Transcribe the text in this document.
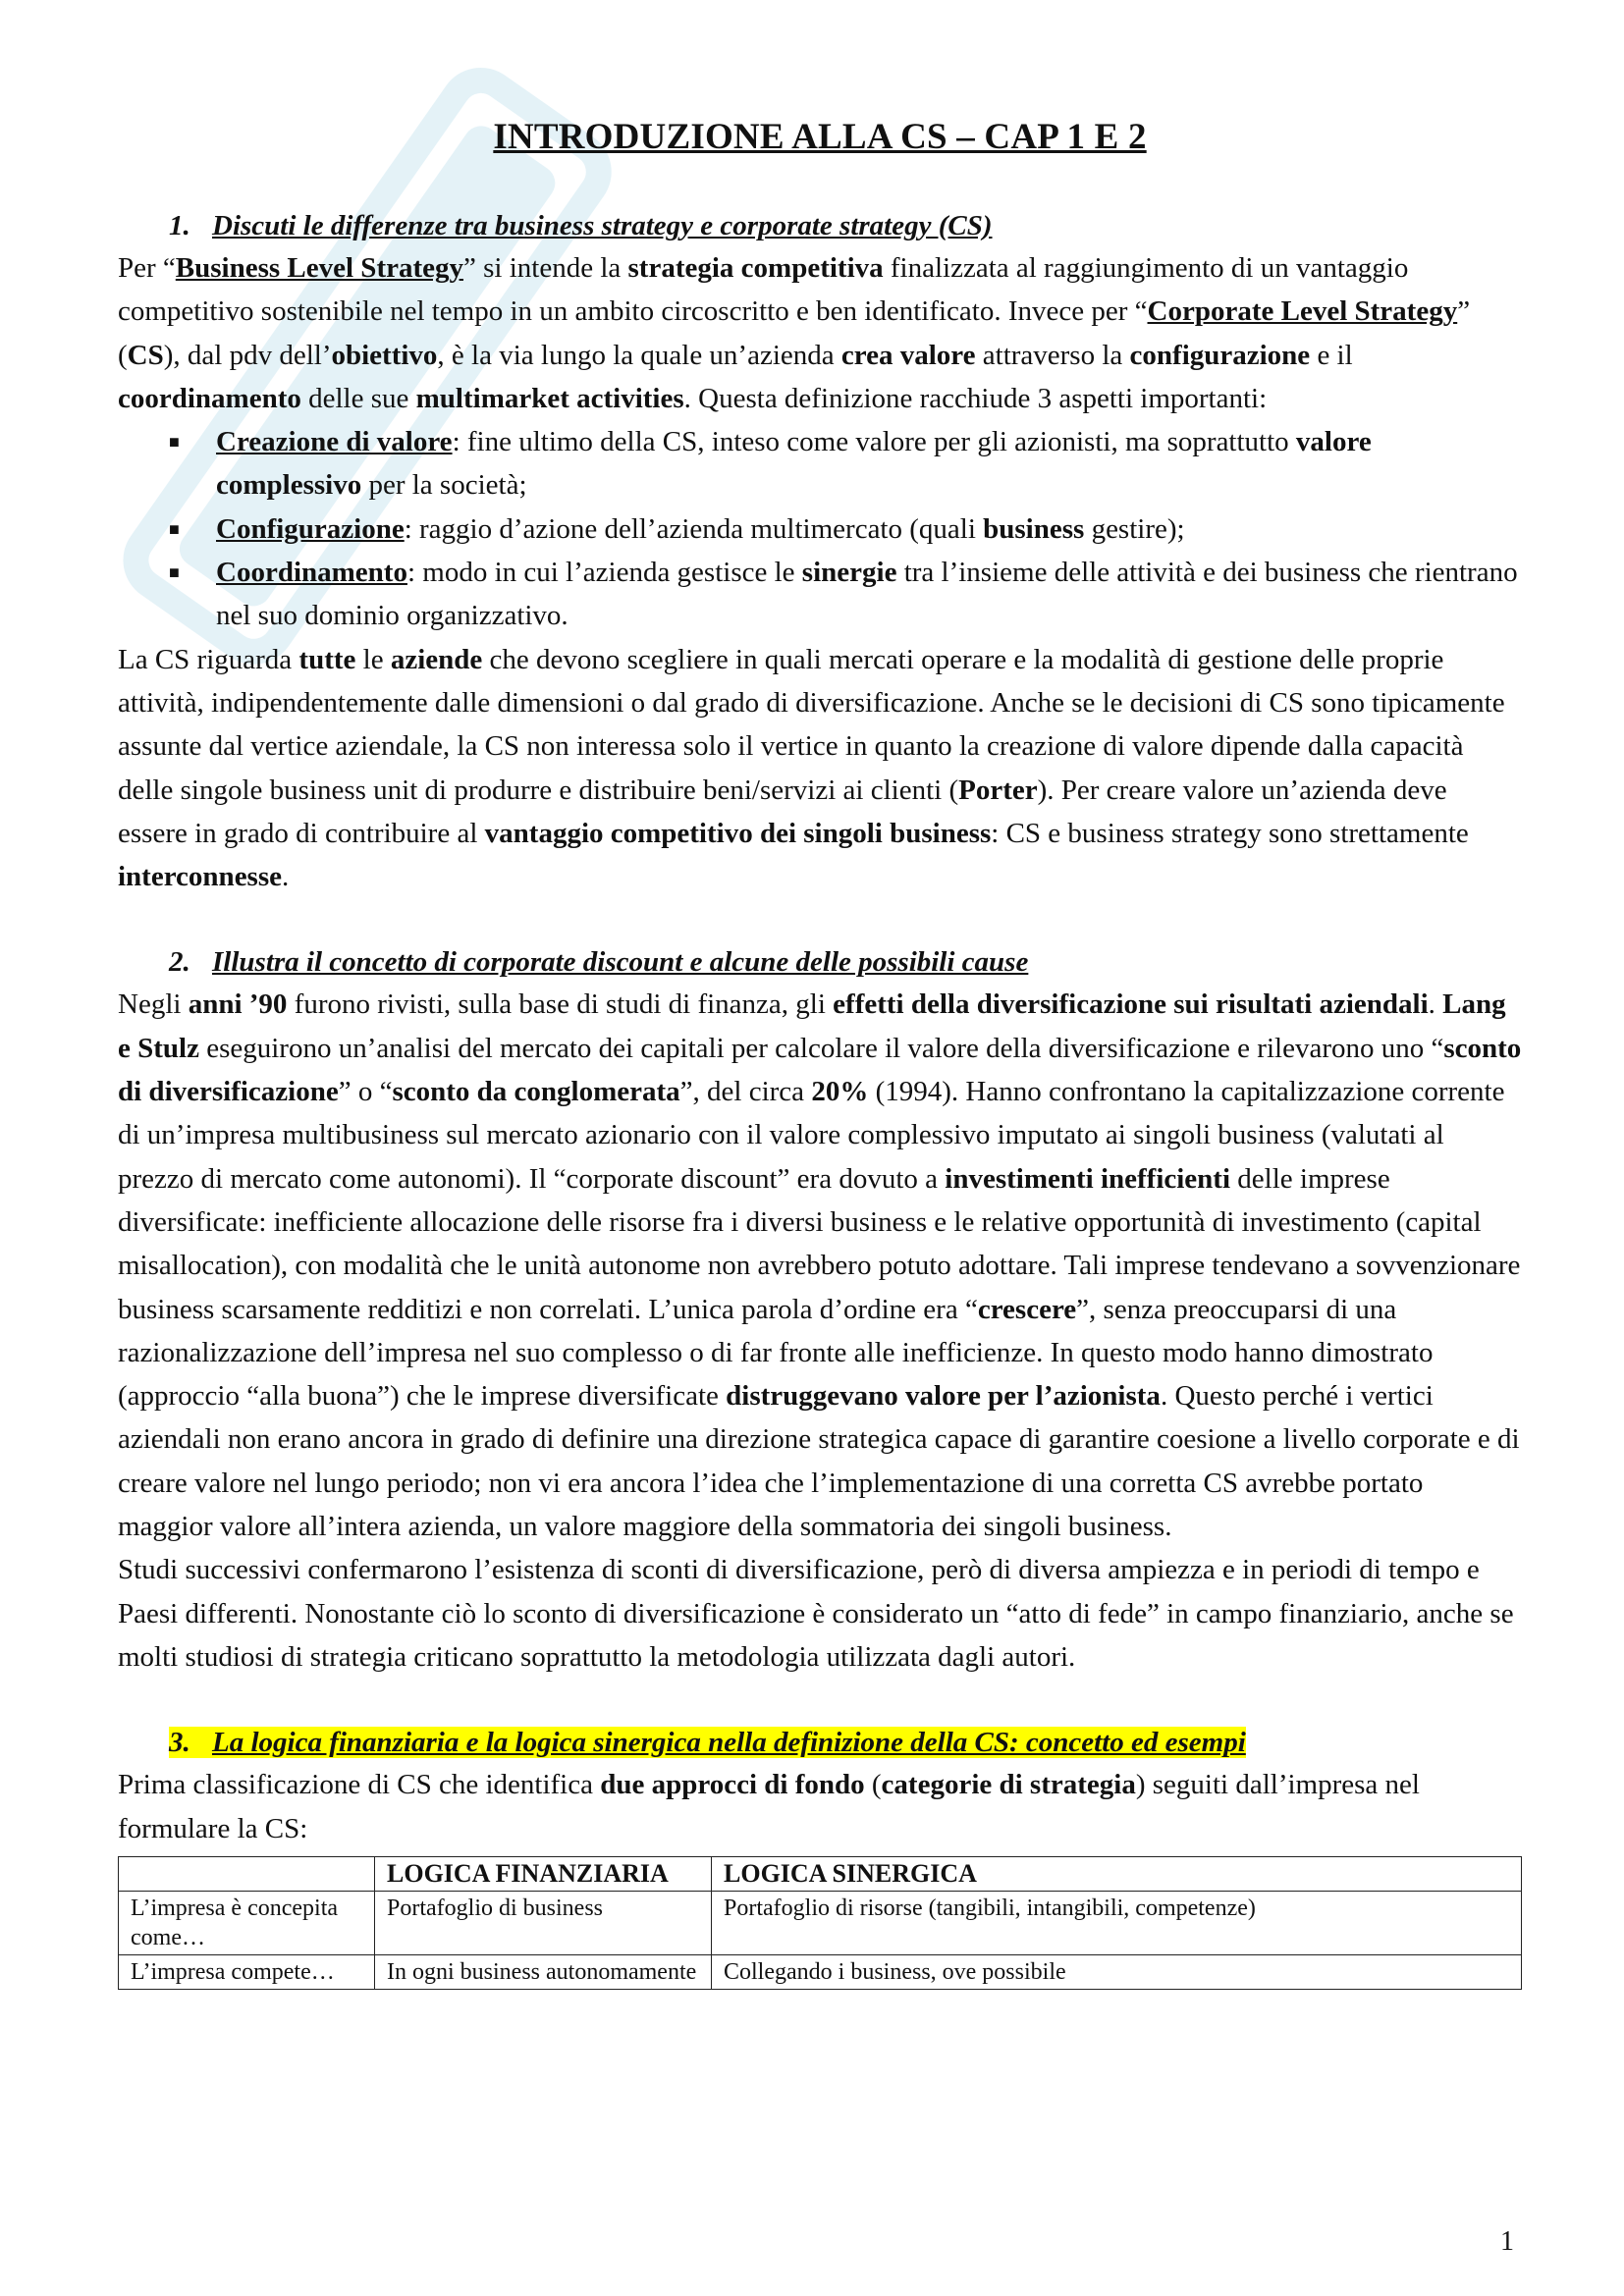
INTRODUZIONE ALLA CS – CAP 1 E 2
1. Discuti le differenze tra business strategy e corporate strategy (CS)

Per “Business Level Strategy” si intende la strategia competitiva finalizzata al raggiungimento di un vantaggio competitivo sostenibile nel tempo in un ambito circoscritto e ben identificato. Invece per “Corporate Level Strategy” (CS), dal pdv dell’obiettivo, è la via lungo la quale un’azienda crea valore attraverso la configurazione e il coordinamento delle sue multimarket activities. Questa definizione racchiude 3 aspetti importanti:

■ Creazione di valore: fine ultimo della CS, inteso come valore per gli azionisti, ma soprattutto valore complessivo per la società;
■ Configurazione: raggio d’azione dell’azienda multimercato (quali business gestire);
■ Coordinamento: modo in cui l’azienda gestisce le sinergie tra l’insieme delle attività e dei business che rientrano nel suo dominio organizzativo.

La CS riguarda tutte le aziende che devono scegliere in quali mercati operare e la modalità di gestione delle proprie attività, indipendentemente dalle dimensioni o dal grado di diversificazione. Anche se le decisioni di CS sono tipicamente assunte dal vertice aziendale, la CS non interessa solo il vertice in quanto la creazione di valore dipende dalla capacità delle singole business unit di produrre e distribuire beni/servizi ai clienti (Porter). Per creare valore un’azienda deve essere in grado di contribuire al vantaggio competitivo dei singoli business: CS e business strategy sono strettamente interconnesse.

2. Illustra il concetto di corporate discount e alcune delle possibili cause

Negli anni ’90 furono rivisti, sulla base di studi di finanza, gli effetti della diversificazione sui risultati aziendali. Lang e Stulz eseguirono un’analisi del mercato dei capitali per calcolare il valore della diversificazione e rilevarono uno “sconto di diversificazione” o “sconto da conglomerata”, del circa 20% (1994). Hanno confrontano la capitalizzazione corrente di un’impresa multibusiness sul mercato azionario con il valore complessivo imputato ai singoli business (valutati al prezzo di mercato come autonomi). Il “corporate discount” era dovuto a investimenti inefficienti delle imprese diversificate: inefficiente allocazione delle risorse fra i diversi business e le relative opportunità di investimento (capital misallocation), con modalità che le unità autonome non avrebbero potuto adottare. Tali imprese tendevano a sovvenzionare business scarsamente redditizi e non correlati. L’unica parola d’ordine era “crescere”, senza preoccuparsi di una razionalizzazione dell’impresa nel suo complesso o di far fronte alle inefficienze. In questo modo hanno dimostrato (approccio “alla buona”) che le imprese diversificate distruggevano valore per l’azionista. Questo perché i vertici aziendali non erano ancora in grado di definire una direzione strategica capace di garantire coesione a livello corporate e di creare valore nel lungo periodo; non vi era ancora l’idea che l’implementazione di una corretta CS avrebbe portato maggior valore all’intera azienda, un valore maggiore della sommatoria dei singoli business.

Studi successivi confermarono l’esistenza di sconti di diversificazione, però di diversa ampiezza e in periodi di tempo e Paesi differenti. Nonostante ciò lo sconto di diversificazione è considerato un “atto di fede” in campo finanziario, anche se molti studiosi di strategia criticano soprattutto la metodologia utilizzata dagli autori.

3. La logica finanziaria e la logica sinergica nella definizione della CS: concetto ed esempi

Prima classificazione di CS che identifica due approcci di fondo (categorie di strategia) seguiti dall’impresa nel formulare la CS:

	LOGICA FINANZIARIA	LOGICA SINERGICA
L’impresa è concepita come…	Portafoglio di business	Portafoglio di risorse (tangibili, intangibili, competenze)
L’impresa compete…	In ogni business autonomamente	Collegando i business, ove possibile
1
